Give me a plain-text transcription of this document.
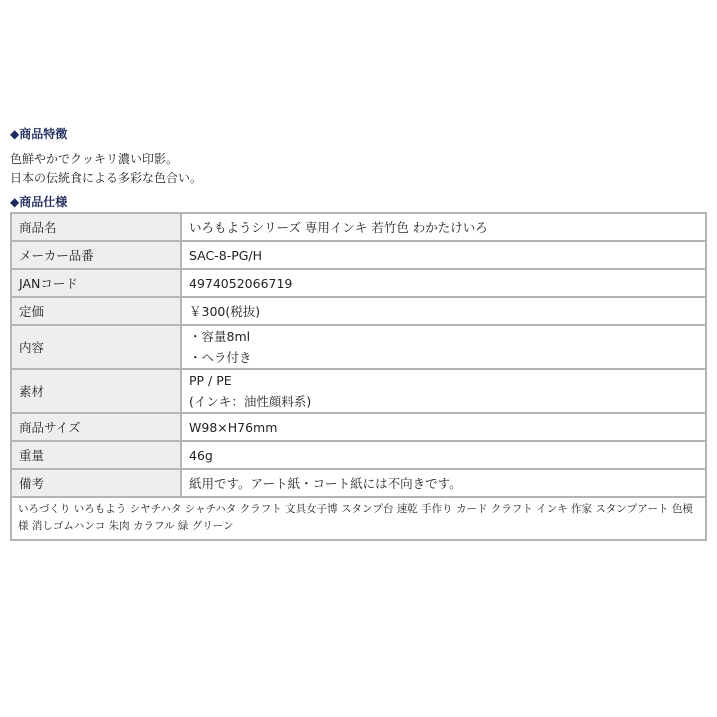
◆商品特徴
色鮮やかでクッキリ濃い印影。
日本の伝統食による多彩な色合い。
◆商品仕様
商品名	いろもようシリーズ 専用インキ 若竹色 わかたけいろ

メーカー品番	SAC-8-PG/H

JANコード	4974052066719

定価	￥300(税抜)

内容	・容量8ml
・ヘラ付き

素材	PP / PE
(インキ：油性顔料系)

商品サイズ	W98×H76mm

重量	46g

備考	紙用です。アート紙・コート紙には不向きです。
いろづくり いろもよう シヤチハタ シャチハタ クラフト 文具女子博 スタンプ台 速乾 手作り カード クラフト インキ 作家 スタンプアート 色模様 消しゴムハンコ 朱肉 カラフル 緑 グリーン
